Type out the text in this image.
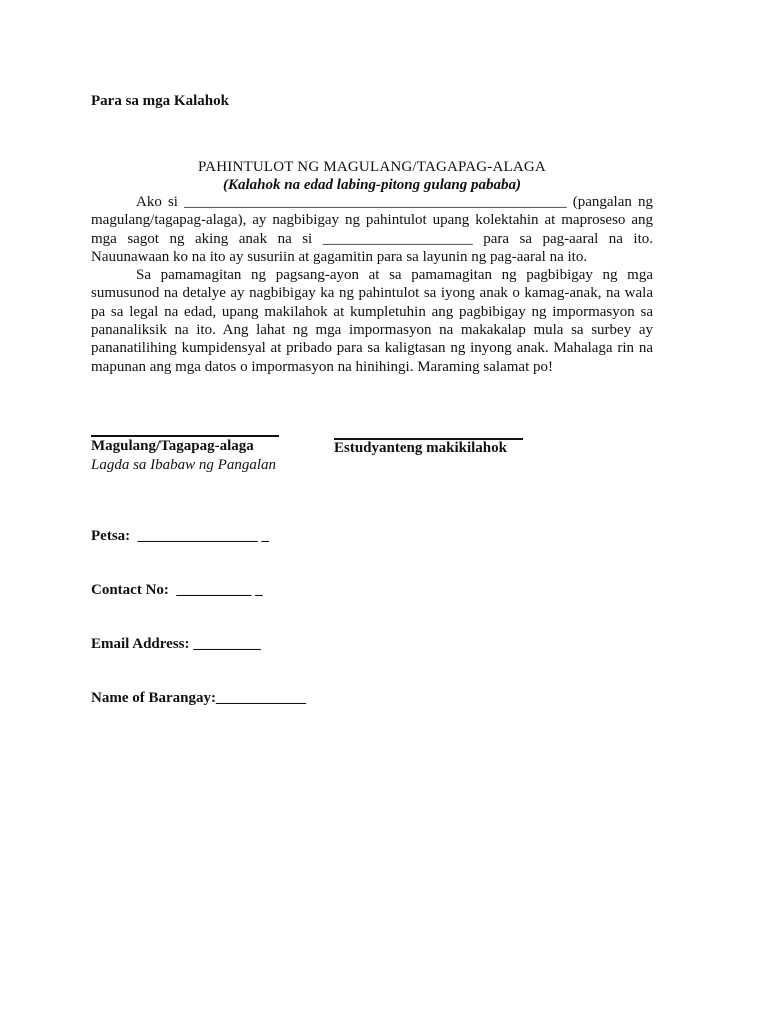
Para sa mga Kalahok
PAHINTULOT NG MAGULANG/TAGAPAG-ALAGA
(Kalahok na edad labing-pitong gulang pababa)

Ako si ___________________________________________________ (pangalan ng magulang/tagapag-alaga), ay nagbibigay ng pahintulot upang kolektahin at maproseso ang mga sagot ng aking anak na si ____________________ para sa pag-aaral na ito. Nauunawaan ko na ito ay susuriin at gagamitin para sa layunin ng pag-aaral na ito.

Sa pamamagitan ng pagsang-ayon at sa pamamagitan ng pagbibigay ng mga sumusunod na detalye ay nagbibigay ka ng pahintulot sa iyong anak o kamag-anak, na wala pa sa legal na edad, upang makilahok at kumpletuhin ang pagbibigay ng impormasyon sa pananaliksik na ito. Ang lahat ng mga impormasyon na makakalap mula sa surbey ay pananatilihing kumpidensyal at pribado para sa kaligtasan ng inyong anak. Mahalaga rin na mapunan ang mga datos o impormasyon na hinihingi. Maraming salamat po!

Magulang/Tagapag-alaga
Lagda sa Ibabaw ng Pangalan
Estudyanteng makikilahok

Petsa:  ________________ _

Contact No:  __________ _

Email Address: _________

Name of Barangay:____________
